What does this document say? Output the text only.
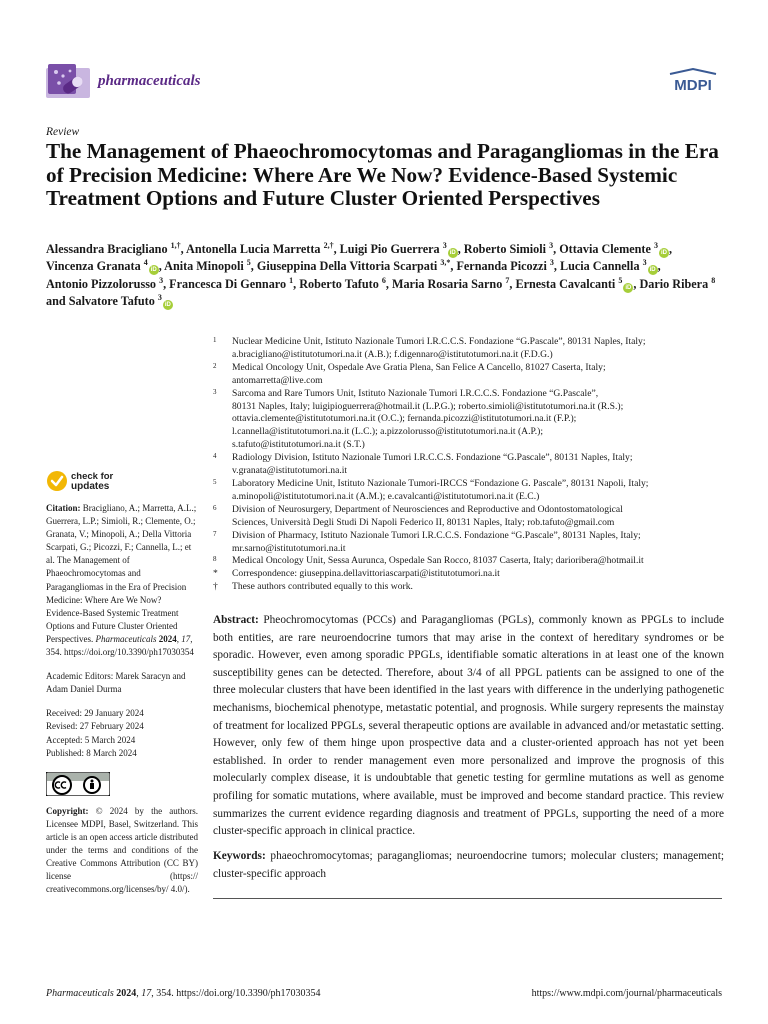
pharmaceuticals	MDPI
Review
The Management of Phaeochromocytomas and Paragangliomas in the Era of Precision Medicine: Where Are We Now? Evidence-Based Systemic Treatment Options and Future Cluster Oriented Perspectives
Alessandra Bracigliano $^{1,\dagger}$, Antonella Lucia Marretta $^{2,\dagger}$, Luigi Pio Guerrera $^3$iD , Roberto Simioli $^3$, Ottavia Clemente $^3$iD , Vincenza Granata $^4$iD , Anita Minopoli $^5$, Giuseppina Della Vittoria Scarpati $^{3,*}$, Fernanda Picozzi $^3$, Lucia Cannella $^3$iD , Antonio Pizzolorusso $^3$, Francesca Di Gennaro $^1$, Roberto Tafuto $^6$, Maria Rosaria Sarno $^7$, Ernesta Cavalcanti $^5$iD , Dario Ribera $^8$ and Salvatore Tafuto $^3$iD
1 Nuclear Medicine Unit, Istituto Nazionale Tumori I.R.C.C.S. Fondazione “G.Pascale”, 80131 Naples, Italy;
a.bracigliano@istitutotumori.na.it (A.B.); f.digennaro@istitutotumori.na.it (F.D.G.)
2 Medical Oncology Unit, Ospedale Ave Gratia Plena, San Felice A Cancello, 81027 Caserta, Italy;
antomarretta@live.com
3 Sarcoma and Rare Tumors Unit, Istituto Nazionale Tumori I.R.C.C.S. Fondazione “G.Pascale”,
80131 Naples, Italy; luigipioguerrera@hotmail.it (L.P.G.); roberto.simioli@istitutotumori.na.it (R.S.);
ottavia.clemente@istitutotumori.na.it (O.C.); fernanda.picozzi@istitutotumori.na.it (F.P.);
l.cannella@istitutotumori.na.it (L.C.); a.pizzolorusso@istitutotumori.na.it (A.P.);
s.tafuto@istitutotumori.na.it (S.T.)
4 Radiology Division, Istituto Nazionale Tumori I.R.C.C.S. Fondazione “G.Pascale”, 80131 Naples, Italy;
v.granata@istitutotumori.na.it
5 Laboratory Medicine Unit, Istituto Nazionale Tumori-IRCCS “Fondazione G. Pascale”, 80131 Napoli, Italy;
a.minopoli@istitutotumori.na.it (A.M.); e.cavalcanti@istitutotumori.na.it (E.C.)
6 Division of Neurosurgery, Department of Neurosciences and Reproductive and Odontostomatological
Sciences, Università Degli Studi Di Napoli Federico II, 80131 Naples, Italy; rob.tafuto@gmail.com
7 Division of Pharmacy, Istituto Nazionale Tumori I.R.C.C.S. Fondazione “G.Pascale”, 80131 Naples, Italy;
mr.sarno@istitutotumori.na.it
8 Medical Oncology Unit, Sessa Aurunca, Ospedale San Rocco, 81037 Caserta, Italy; darioribera@hotmail.it
* Correspondence: giuseppina.dellavittoriascarpati@istitutotumori.na.it
† These authors contributed equally to this work.
check for
updates
Citation: Bracigliano, A.; Marretta, A.L.; Guerrera, L.P.; Simioli, R.; Clemente, O.; Granata, V.; Minopoli, A.; Della Vittoria Scarpati, G.; Picozzi, F.; Cannella, L.; et al. The Management of Phaeochromocytomas and Paragangliomas in the Era of Precision Medicine: Where Are We Now? Evidence-Based Systemic Treatment Options and Future Cluster Oriented Perspectives. Pharmaceuticals 2024, 17, 354. https://doi.org/10.3390/ph17030354
Academic Editors: Marek Saracyn and Adam Daniel Durma
Received: 29 January 2024
Revised: 27 February 2024
Accepted: 5 March 2024
Published: 8 March 2024
Copyright: © 2024 by the authors. Licensee MDPI, Basel, Switzerland. This article is an open access article distributed under the terms and conditions of the Creative Commons Attribution (CC BY) license (https:// creativecommons.org/licenses/by/ 4.0/).
Abstract: Pheochromocytomas (PCCs) and Paragangliomas (PGLs), commonly known as PPGLs to include both entities, are rare neuroendocrine tumors that may arise in the context of hereditary syndromes or be sporadic. However, even among sporadic PPGLs, identifiable somatic alterations in at least one of the known susceptibility genes can be detected. Therefore, about 3/4 of all PPGL patients can be assigned to one of the three molecular clusters that have been identified in the last years with difference in the underlying pathogenetic mechanisms, biochemical phenotype, metastatic potential, and prognosis. While surgery represents the mainstay of treatment for localized PPGLs, several therapeutic options are available in advanced and/or metastatic setting. However, only few of them hinge upon prospective data and a cluster-oriented approach has not yet been established. In order to render management even more personalized and improve the prognosis of this molecularly complex disease, it is undoubtable that genetic testing for germline mutations as well as genome profiling for somatic mutations, where available, must be improved and become standard practice. This review summarizes the current evidence regarding diagnosis and treatment of PPGLs, supporting the need of a more cluster-specific approach in clinical practice.
Keywords: phaeochromocytomas; paragangliomas; neuroendocrine tumors; molecular clusters; management; cluster-specific approach
Pharmaceuticals 2024, 17, 354. https://doi.org/10.3390/ph17030354	https://www.mdpi.com/journal/pharmaceuticals
